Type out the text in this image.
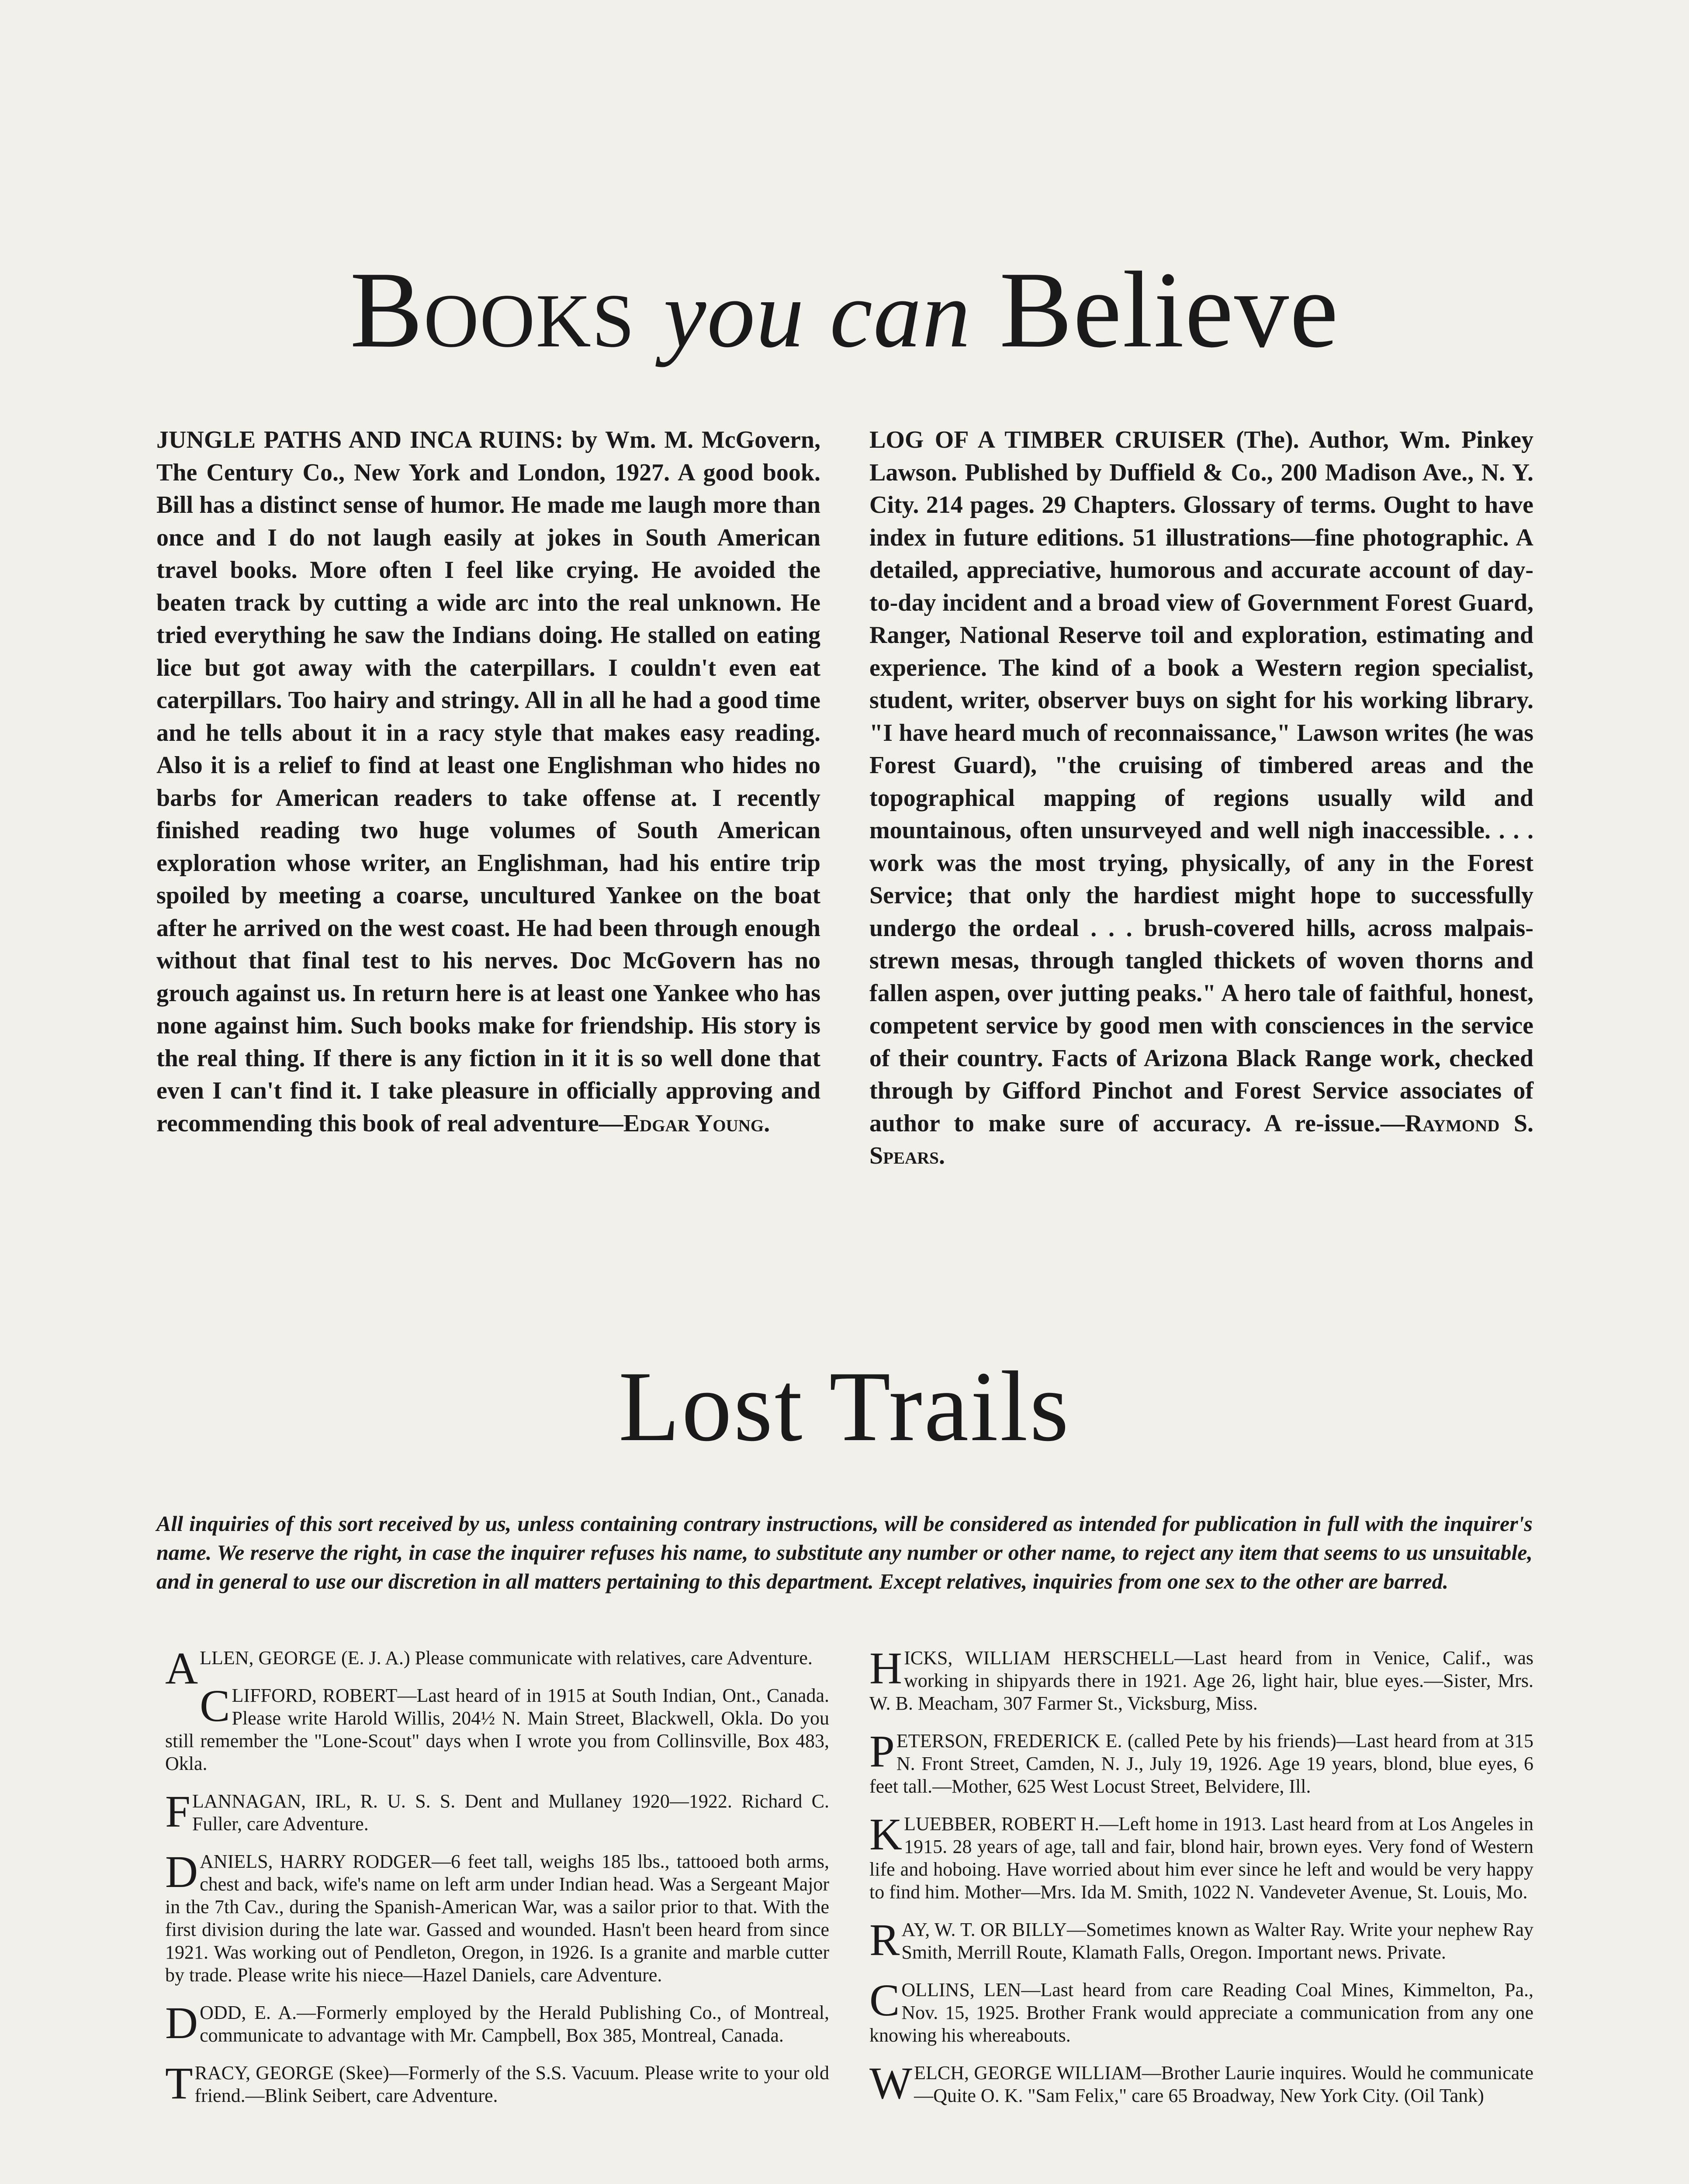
Books you can Believe
JUNGLE PATHS AND INCA RUINS: by Wm. M. McGovern, The Century Co., New York and London, 1927. A good book. Bill has a distinct sense of humor. He made me laugh more than once and I do not laugh easily at jokes in South American travel books. More often I feel like crying. He avoided the beaten track by cutting a wide arc into the real unknown. He tried everything he saw the Indians doing. He stalled on eating lice but got away with the caterpillars. I couldn't even eat caterpillars. Too hairy and stringy. All in all he had a good time and he tells about it in a racy style that makes easy reading. Also it is a relief to find at least one Englishman who hides no barbs for American readers to take offense at. I recently finished reading two huge volumes of South American exploration whose writer, an Englishman, had his entire trip spoiled by meeting a coarse, uncultured Yankee on the boat after he arrived on the west coast. He had been through enough without that final test to his nerves. Doc McGovern has no grouch against us. In return here is at least one Yankee who has none against him. Such books make for friendship. His story is the real thing. If there is any fiction in it it is so well done that even I can't find it. I take pleasure in officially approving and recommending this book of real adventure—Edgar Young.
LOG OF A TIMBER CRUISER (The). Author, Wm. Pinkey Lawson. Published by Duffield & Co., 200 Madison Ave., N. Y. City. 214 pages. 29 Chapters. Glossary of terms. Ought to have index in future editions. 51 illustrations—fine photographic. A detailed, appreciative, humorous and accurate account of day-to-day incident and a broad view of Government Forest Guard, Ranger, National Reserve toil and exploration, estimating and experience. The kind of a book a Western region specialist, student, writer, observer buys on sight for his working library. "I have heard much of reconnaissance," Lawson writes (he was Forest Guard), "the cruising of timbered areas and the topographical mapping of regions usually wild and mountainous, often unsurveyed and well nigh inaccessible. . . . work was the most trying, physically, of any in the Forest Service; that only the hardiest might hope to successfully undergo the ordeal . . . brush-covered hills, across malpais-strewn mesas, through tangled thickets of woven thorns and fallen aspen, over jutting peaks." A hero tale of faithful, honest, competent service by good men with consciences in the service of their country. Facts of Arizona Black Range work, checked through by Gifford Pinchot and Forest Service associates of author to make sure of accuracy. A re-issue.—Raymond S. Spears.
Lost Trails
All inquiries of this sort received by us, unless containing contrary instructions, will be considered as intended for publication in full with the inquirer's name. We reserve the right, in case the inquirer refuses his name, to substitute any number or other name, to reject any item that seems to us unsuitable, and in general to use our discretion in all matters pertaining to this department. Except relatives, inquiries from one sex to the other are barred.
ALLEN, GEORGE (E. J. A.) Please communicate with relatives, care Adventure.
CLIFFORD, ROBERT—Last heard of in 1915 at South Indian, Ont., Canada. Please write Harold Willis, 204½ N. Main Street, Blackwell, Okla. Do you still remember the "Lone-Scout" days when I wrote you from Collinsville, Box 483, Okla.
FLANNAGAN, IRL, R. U. S. S. Dent and Mullaney 1920—1922. Richard C. Fuller, care Adventure.
DANIELS, HARRY RODGER—6 feet tall, weighs 185 lbs., tattooed both arms, chest and back, wife's name on left arm under Indian head. Was a Sergeant Major in the 7th Cav., during the Spanish-American War, was a sailor prior to that. With the first division during the late war. Gassed and wounded. Hasn't been heard from since 1921. Was working out of Pendleton, Oregon, in 1926. Is a granite and marble cutter by trade. Please write his niece—Hazel Daniels, care Adventure.
DODD, E. A.—Formerly employed by the Herald Publishing Co., of Montreal, communicate to advantage with Mr. Campbell, Box 385, Montreal, Canada.
TRACY, GEORGE (Skee)—Formerly of the S.S. Vacuum. Please write to your old friend.—Blink Seibert, care Adventure.
HICKS, WILLIAM HERSCHELL—Last heard from in Venice, Calif., was working in shipyards there in 1921. Age 26, light hair, blue eyes.—Sister, Mrs. W. B. Meacham, 307 Farmer St., Vicksburg, Miss.
PETERSON, FREDERICK E. (called Pete by his friends)—Last heard from at 315 N. Front Street, Camden, N. J., July 19, 1926. Age 19 years, blond, blue eyes, 6 feet tall.—Mother, 625 West Locust Street, Belvidere, Ill.
KLUEBBER, ROBERT H.—Left home in 1913. Last heard from at Los Angeles in 1915. 28 years of age, tall and fair, blond hair, brown eyes. Very fond of Western life and hoboing. Have worried about him ever since he left and would be very happy to find him. Mother—Mrs. Ida M. Smith, 1022 N. Vandeveter Avenue, St. Louis, Mo.
RAY, W. T. OR BILLY—Sometimes known as Walter Ray. Write your nephew Ray Smith, Merrill Route, Klamath Falls, Oregon. Important news. Private.
COLLINS, LEN—Last heard from care Reading Coal Mines, Kimmelton, Pa., Nov. 15, 1925. Brother Frank would appreciate a communication from any one knowing his whereabouts.
WELCH, GEORGE WILLIAM—Brother Laurie inquires. Would he communicate—Quite O. K. "Sam Felix," care 65 Broadway, New York City. (Oil Tank)
